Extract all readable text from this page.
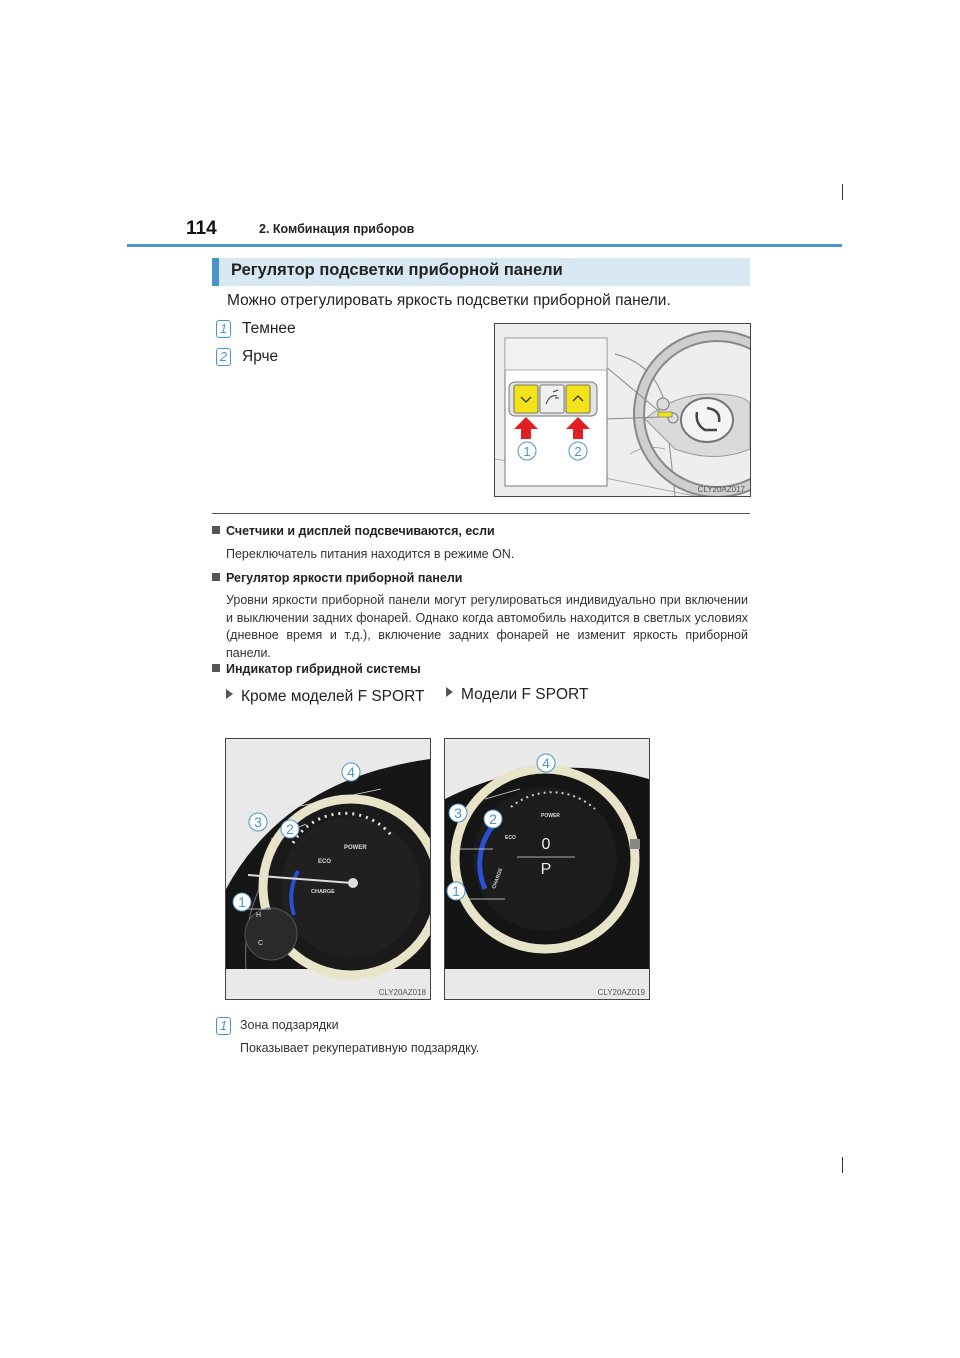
114	2. Комбинация приборов
Регулятор подсветки приборной панели
Можно отрегулировать яркость подсветки приборной панели.
1 Темнее
2 Ярче
1	2
CLY20AZ017
Счетчики и дисплей подсвечиваются, если
Переключатель питания находится в режиме ON.
Регулятор яркости приборной панели
Уровни яркости приборной панели могут регулироваться индивидуально при включении и выключении задних фонарей. Однако когда автомобиль находится в светлых условиях (дневное время и т.д.), включение задних фонарей не изменит яркость приборной панели.
Индикатор гибридной системы
Кроме моделей F SPORT	Модели F SPORT
POWER
ECO
CHARGE
H
C
1
2
3
4
CLY20AZ018
0
P
POWER
ECO
CHARGE
1
2
3
4
CLY20AZ019
1	Зона подзарядки
Показывает рекуперативную подзарядку.
